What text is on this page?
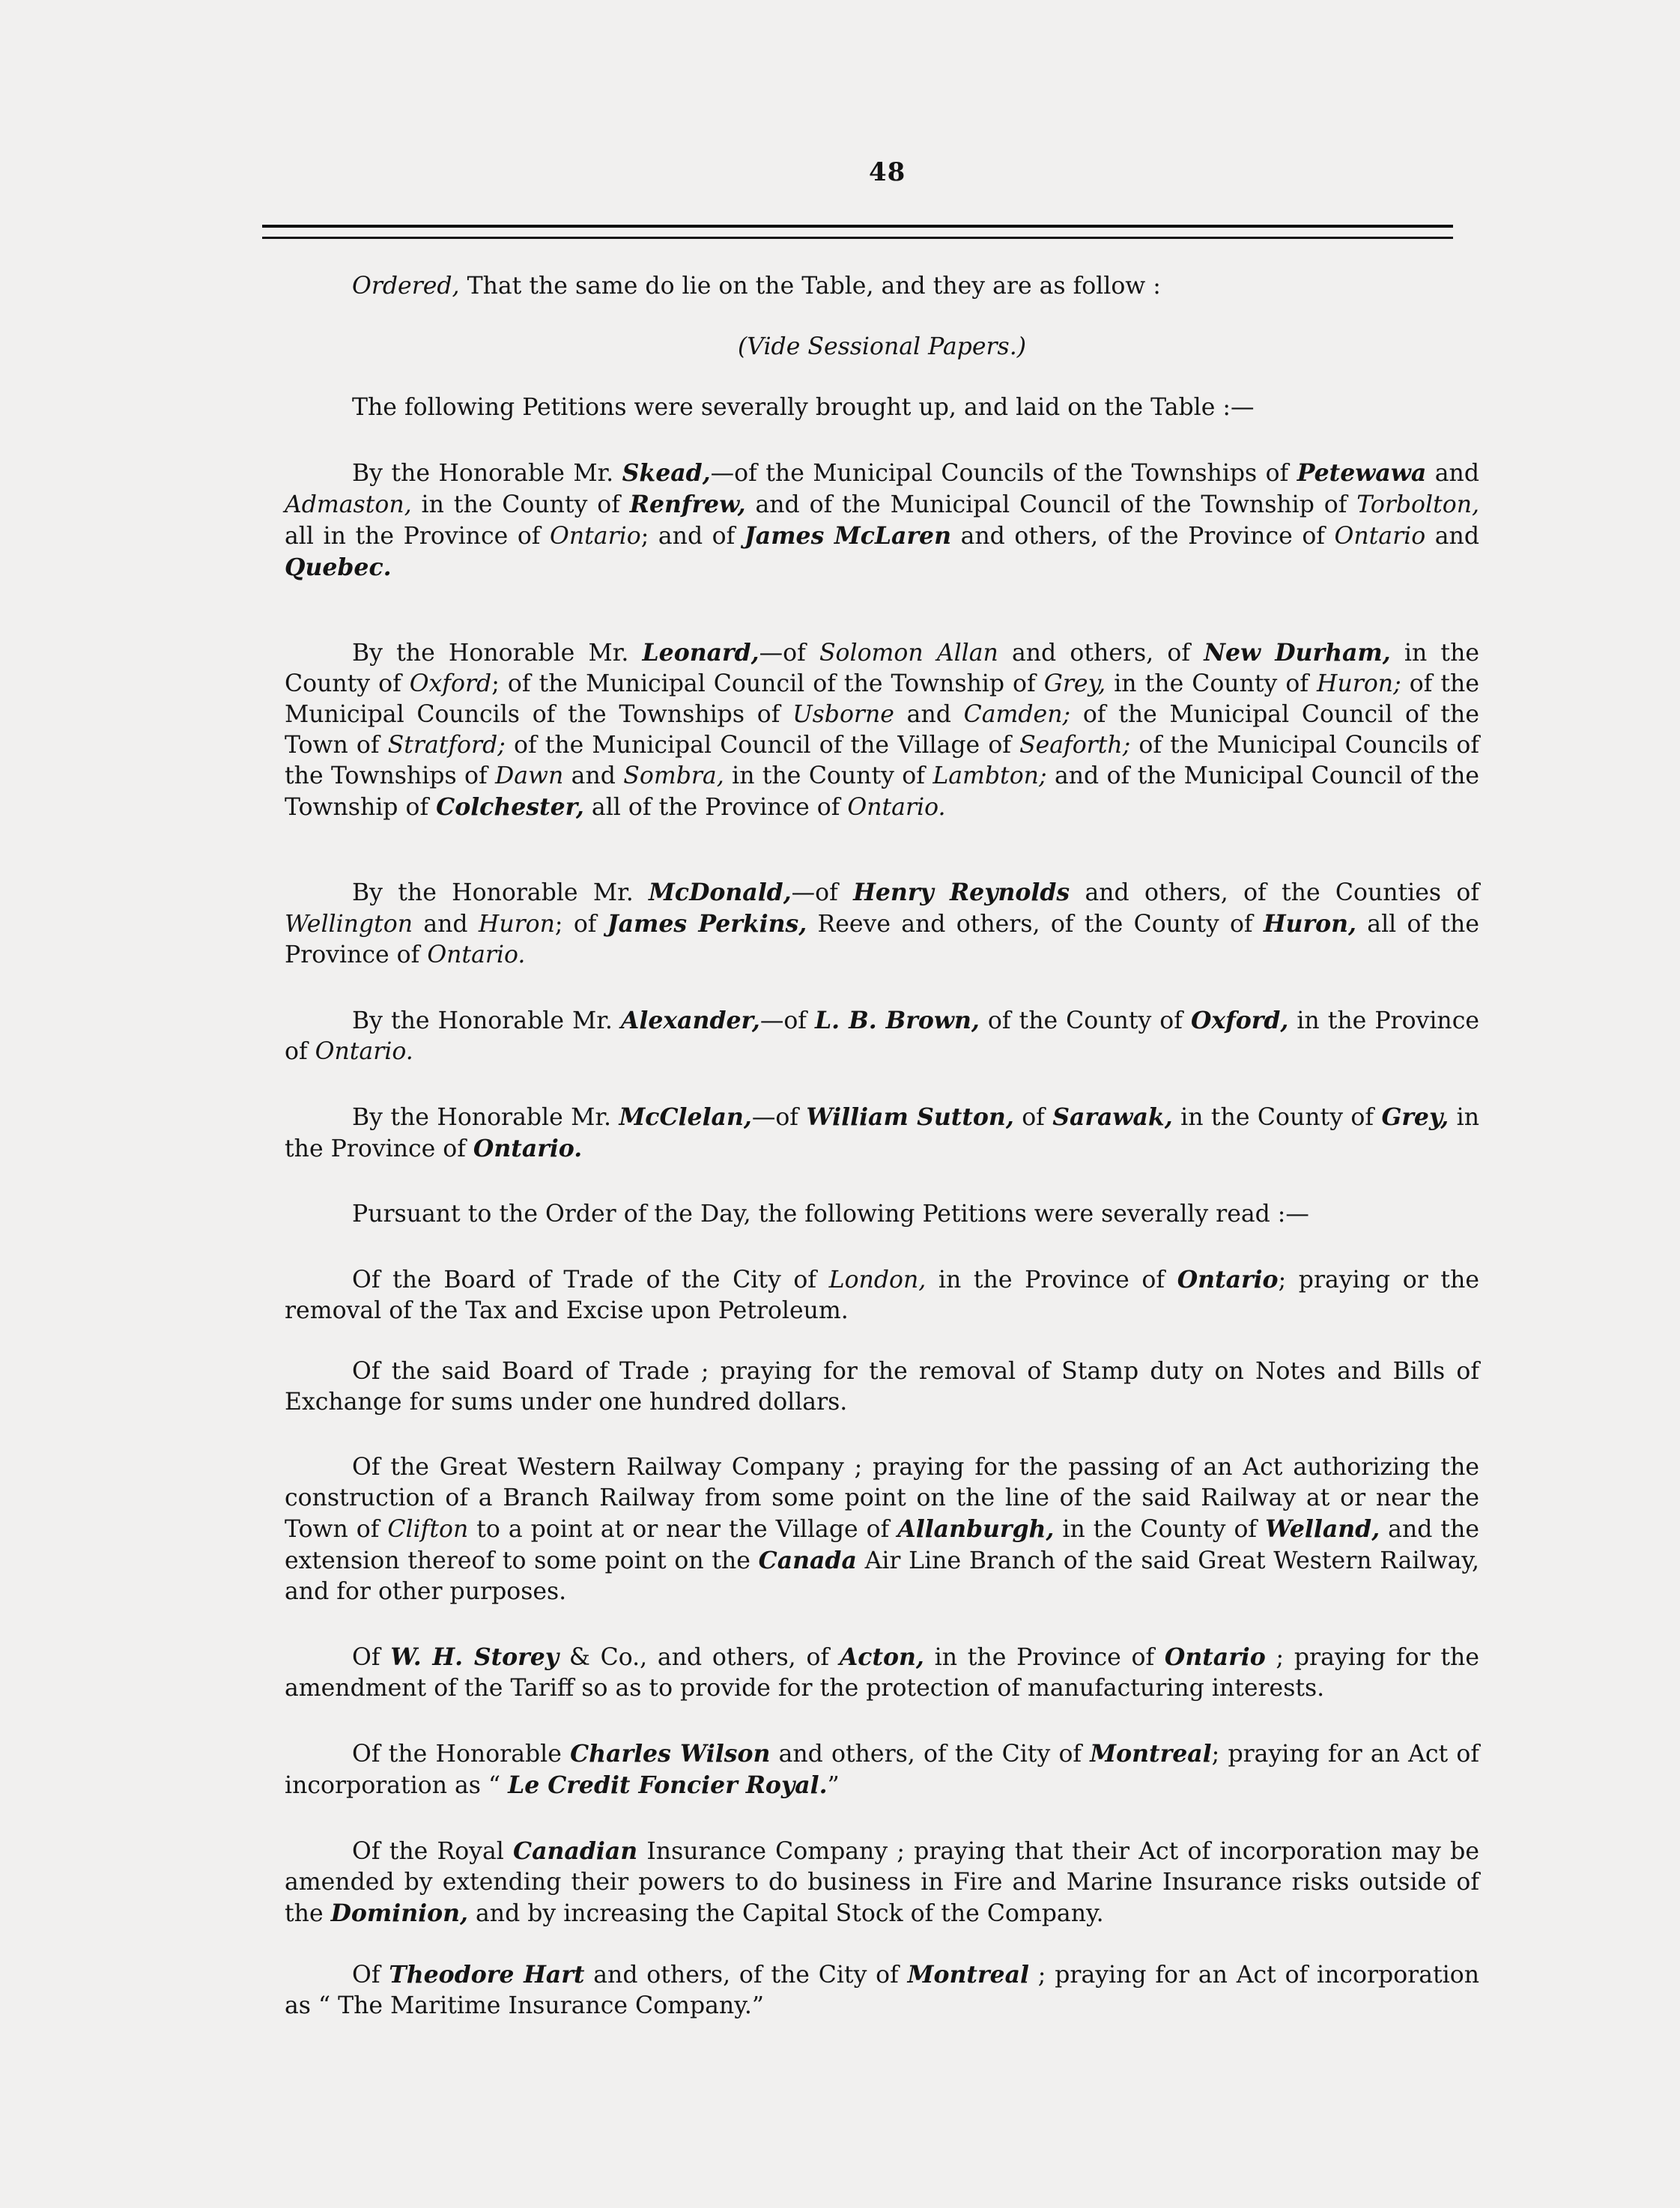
48

Ordered, That the same do lie on the Table, and they are as follow :

(Vide Sessional Papers.)

The following Petitions were severally brought up, and laid on the Table :—

By the Honorable Mr. Skead,—of the Municipal Councils of the Townships of Petewawa and Admaston, in the County of Renfrew, and of the Municipal Council of the Township of Torbolton, all in the Province of Ontario; and of James McLaren and others, of the Province of Ontario and Quebec.

By the Honorable Mr. Leonard,—of Solomon Allan and others, of New Durham, in the County of Oxford; of the Municipal Council of the Township of Grey, in the County of Huron; of the Municipal Councils of the Townships of Usborne and Camden; of the Municipal Council of the Town of Stratford; of the Municipal Council of the Village of Seaforth; of the Municipal Councils of the Townships of Dawn and Sombra, in the County of Lambton; and of the Municipal Council of the Township of Colchester, all of the Province of Ontario.

By the Honorable Mr. McDonald,—of Henry Reynolds and others, of the Counties of Wellington and Huron; of James Perkins, Reeve and others, of the County of Huron, all of the Province of Ontario.

By the Honorable Mr. Alexander,—of L. B. Brown, of the County of Oxford, in the Province of Ontario.

By the Honorable Mr. McClelan,—of William Sutton, of Sarawak, in the County of Grey, in the Province of Ontario.

Pursuant to the Order of the Day, the following Petitions were severally read :—

Of the Board of Trade of the City of London, in the Province of Ontario; praying or the removal of the Tax and Excise upon Petroleum.

Of the said Board of Trade ; praying for the removal of Stamp duty on Notes and Bills of Exchange for sums under one hundred dollars.

Of the Great Western Railway Company ; praying for the passing of an Act authorizing the construction of a Branch Railway from some point on the line of the said Railway at or near the Town of Clifton to a point at or near the Village of Allanburgh, in the County of Welland, and the extension thereof to some point on the Canada Air Line Branch of the said Great Western Railway, and for other purposes.

Of W. H. Storey & Co., and others, of Acton, in the Province of Ontario ; praying for the amendment of the Tariff so as to provide for the protection of manufacturing interests.

Of the Honorable Charles Wilson and others, of the City of Montreal; praying for an Act of incorporation as “ Le Credit Foncier Royal.”

Of the Royal Canadian Insurance Company ; praying that their Act of incorporation may be amended by extending their powers to do business in Fire and Marine Insurance risks outside of the Dominion, and by increasing the Capital Stock of the Company.

Of Theodore Hart and others, of the City of Montreal ; praying for an Act of incorporation as “ The Maritime Insurance Company.”
